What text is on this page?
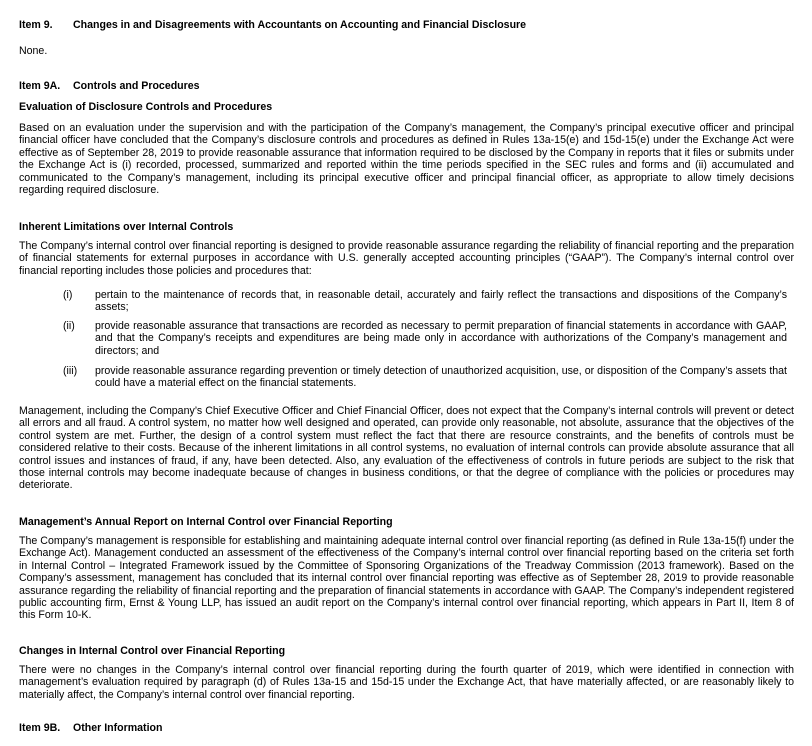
Item 9. Changes in and Disagreements with Accountants on Accounting and Financial Disclosure
None.
Item 9A. Controls and Procedures
Evaluation of Disclosure Controls and Procedures

Based on an evaluation under the supervision and with the participation of the Company’s management, the Company’s principal executive officer and principal financial officer have concluded that the Company’s disclosure controls and procedures as defined in Rules 13a-15(e) and 15d-15(e) under the Exchange Act were effective as of September 28, 2019 to provide reasonable assurance that information required to be disclosed by the Company in reports that it files or submits under the Exchange Act is (i) recorded, processed, summarized and reported within the time periods specified in the SEC rules and forms and (ii) accumulated and communicated to the Company’s management, including its principal executive officer and principal financial officer, as appropriate to allow timely decisions regarding required disclosure.

Inherent Limitations over Internal Controls

The Company’s internal control over financial reporting is designed to provide reasonable assurance regarding the reliability of financial reporting and the preparation of financial statements for external purposes in accordance with U.S. generally accepted accounting principles (“GAAP”). The Company’s internal control over financial reporting includes those policies and procedures that:

(i)	pertain to the maintenance of records that, in reasonable detail, accurately and fairly reflect the transactions and dispositions of the Company’s assets;
(ii)	provide reasonable assurance that transactions are recorded as necessary to permit preparation of financial statements in accordance with GAAP, and that the Company’s receipts and expenditures are being made only in accordance with authorizations of the Company’s management and directors; and
(iii)	provide reasonable assurance regarding prevention or timely detection of unauthorized acquisition, use, or disposition of the Company’s assets that could have a material effect on the financial statements.

Management, including the Company’s Chief Executive Officer and Chief Financial Officer, does not expect that the Company’s internal controls will prevent or detect all errors and all fraud. A control system, no matter how well designed and operated, can provide only reasonable, not absolute, assurance that the objectives of the control system are met. Further, the design of a control system must reflect the fact that there are resource constraints, and the benefits of controls must be considered relative to their costs. Because of the inherent limitations in all control systems, no evaluation of internal controls can provide absolute assurance that all control issues and instances of fraud, if any, have been detected. Also, any evaluation of the effectiveness of controls in future periods are subject to the risk that those internal controls may become inadequate because of changes in business conditions, or that the degree of compliance with the policies or procedures may deteriorate.

Management’s Annual Report on Internal Control over Financial Reporting

The Company’s management is responsible for establishing and maintaining adequate internal control over financial reporting (as defined in Rule 13a-15(f) under the Exchange Act). Management conducted an assessment of the effectiveness of the Company’s internal control over financial reporting based on the criteria set forth in Internal Control – Integrated Framework issued by the Committee of Sponsoring Organizations of the Treadway Commission (2013 framework). Based on the Company’s assessment, management has concluded that its internal control over financial reporting was effective as of September 28, 2019 to provide reasonable assurance regarding the reliability of financial reporting and the preparation of financial statements in accordance with GAAP. The Company’s independent registered public accounting firm, Ernst & Young LLP, has issued an audit report on the Company’s internal control over financial reporting, which appears in Part II, Item 8 of this Form 10-K.

Changes in Internal Control over Financial Reporting

There were no changes in the Company’s internal control over financial reporting during the fourth quarter of 2019, which were identified in connection with management’s evaluation required by paragraph (d) of Rules 13a-15 and 15d-15 under the Exchange Act, that have materially affected, or are reasonably likely to materially affect, the Company’s internal control over financial reporting.

Item 9B. Other Information
